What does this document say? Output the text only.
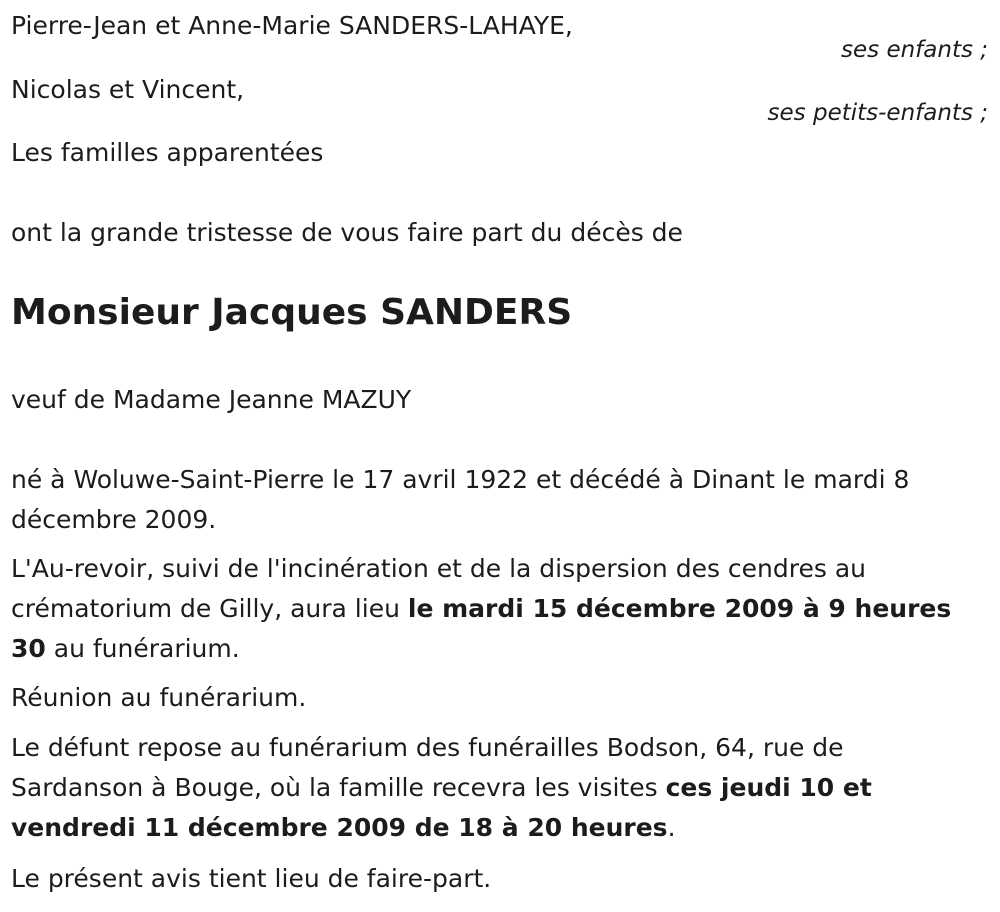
Pierre-Jean et Anne-Marie SANDERS-LAHAYE,
ses enfants ;
Nicolas et Vincent,
ses petits-enfants ;
Les familles apparentées
ont la grande tristesse de vous faire part du décès de
Monsieur Jacques SANDERS
veuf de Madame Jeanne MAZUY
né à Woluwe-Saint-Pierre le 17 avril 1922 et décédé à Dinant le mardi 8 décembre 2009.
L'Au-revoir, suivi de l'incinération et de la dispersion des cendres au crématorium de Gilly, aura lieu le mardi 15 décembre 2009 à 9 heures 30 au funérarium.
Réunion au funérarium.
Le défunt repose au funérarium des funérailles Bodson, 64, rue de Sardanson à Bouge, où la famille recevra les visites ces jeudi 10 et vendredi 11 décembre 2009 de 18 à 20 heures.
Le présent avis tient lieu de faire-part.
